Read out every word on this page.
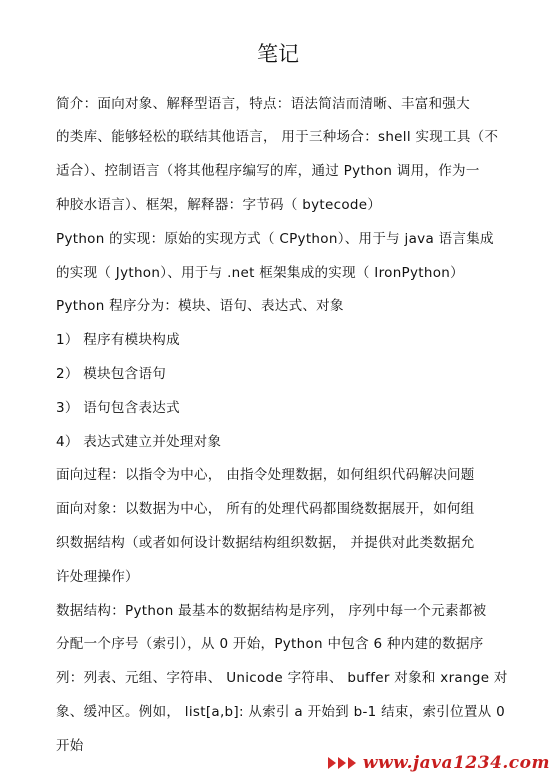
笔记
简介：面向对象、解释型语言，特点：语法简洁而清晰、丰富和强大
的类库、能够轻松的联结其他语言， 用于三种场合：shell 实现工具（不
适合）、控制语言（将其他程序编写的库，通过 Python 调用，作为一
种胶水语言）、框架，解释器：字节码（ bytecode）
Python 的实现：原始的实现方式（ CPython）、用于与 java 语言集成
的实现（ Jython）、用于与 .net 框架集成的实现（ IronPython）
Python 程序分为：模块、语句、表达式、对象
1） 程序有模块构成
2） 模块包含语句
3） 语句包含表达式
4） 表达式建立并处理对象
面向过程：以指令为中心， 由指令处理数据，如何组织代码解决问题
面向对象：以数据为中心， 所有的处理代码都围绕数据展开，如何组
织数据结构（或者如何设计数据结构组织数据， 并提供对此类数据允
许处理操作）
数据结构：Python 最基本的数据结构是序列， 序列中每一个元素都被
分配一个序号（索引），从 0 开始，Python 中包含 6 种内建的数据序
列：列表、元组、字符串、 Unicode 字符串、 buffer 对象和 xrange 对
象、缓冲区。例如， list[a,b]: 从索引 a 开始到 b-1 结束，索引位置从 0
开始
www.java1234.com
